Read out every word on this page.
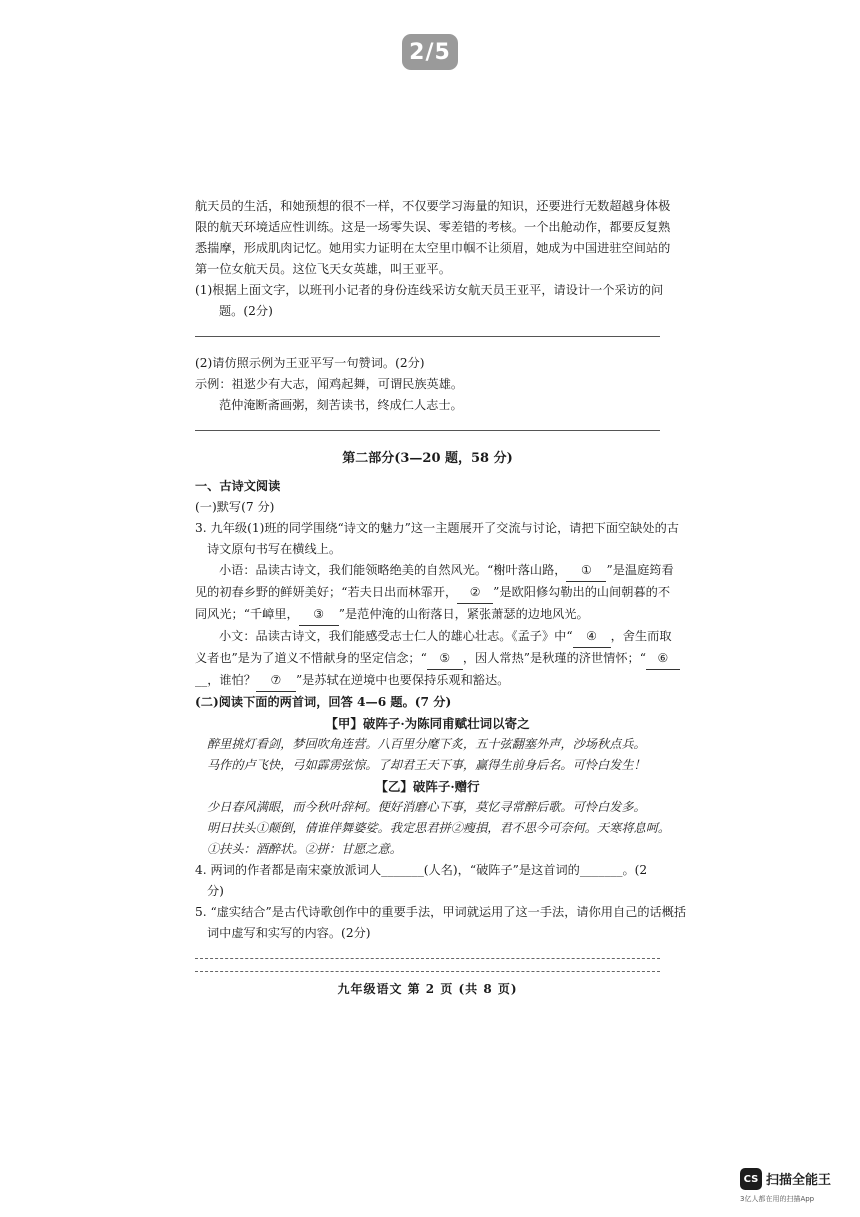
2/5
航天员的生活，和她预想的很不一样，不仅要学习海量的知识，还要进行无数超越身体极
限的航天环境适应性训练。这是一场零失误、零差错的考核。一个出舱动作，都要反复熟
悉揣摩，形成肌肉记忆。她用实力证明在太空里巾帼不让须眉，她成为中国进驻空间站的
第一位女航天员。这位飞天女英雄，叫王亚平。
(1)根据上面文字，以班刊小记者的身份连线采访女航天员王亚平，请设计一个采访的问
题。(2分)
(2)请仿照示例为王亚平写一句赞词。(2分)
示例：祖逖少有大志，闻鸡起舞，可谓民族英雄。
范仲淹断斋画粥，刻苦读书，终成仁人志士。
第二部分(3—20 题，58 分)
一、古诗文阅读
(一)默写(7 分)
3. 九年级(1)班的同学围绕“诗文的魅力”这一主题展开了交流与讨论，请把下面空缺处的古
诗文原句书写在横线上。
小语：品读古诗文，我们能领略绝美的自然风光。“榭叶落山路， ① ”是温庭筠看
见的初春乡野的鲜妍美好；“若夫日出而林霏开， ② ”是欧阳修勾勒出的山间朝暮的不
同风光；“千嶂里， ③ ”是范仲淹的山衔落日，紧张萧瑟的边地风光。
小文：品读古诗文，我们能感受志士仁人的雄心壮志。《孟子》中“ ④ ，舍生而取
义者也”是为了道义不惜献身的坚定信念；“ ⑤ ，因人常热”是秋瑾的济世情怀；“ ⑥
__，谁怕？ ⑦ ”是苏轼在逆境中也要保持乐观和豁达。
(二)阅读下面的两首词，回答 4—6 题。(7 分)
【甲】破阵子·为陈同甫赋壮词以寄之
醉里挑灯看剑，梦回吹角连营。八百里分麾下炙，五十弦翻塞外声，沙场秋点兵。
马作的卢飞快，弓如霹雳弦惊。了却君王天下事，赢得生前身后名。可怜白发生！
【乙】破阵子·赠行
少日春风满眼，而今秋叶辞柯。便好消磨心下事，莫忆寻常醉后歌。可怜白发多。
明日扶头①颠倒，倩谁伴舞婆娑。我定思君拼②瘦損，君不思今可奈何。天寒将息呵。
①扶头：酒醉状。②拼：甘愿之意。
4. 两词的作者都是南宋豪放派词人_______(人名)，“破阵子”是这首词的_______。(2
分)
5. “虚实结合”是古代诗歌创作中的重要手法，甲词就运用了这一手法，请你用自己的话概括
词中虚写和实写的内容。(2分)
九年级语文 第 2 页 (共 8 页)
CS 扫描全能王
3亿人都在用的扫描App
